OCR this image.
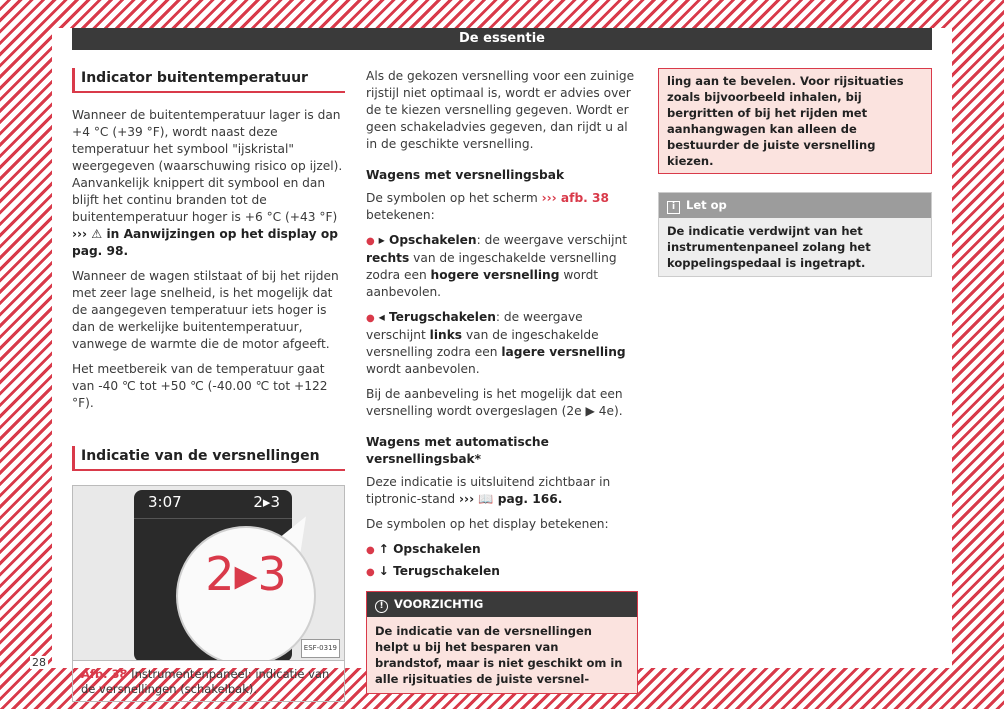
De essentie
Indicator buitentemperatuur

Wanneer de buitentemperatuur lager is dan +4 °C (+39 °F), wordt naast deze temperatuur het symbool "ijskristal" weergegeven (waarschuwing risico op ijzel). Aanvankelijk knippert dit symbool en dan blijft het continu branden tot de buitentemperatuur hoger is +6 °C (+43 °F) ››› ⚠ in Aanwijzingen op het display op pag. 98.

Wanneer de wagen stilstaat of bij het rijden met zeer lage snelheid, is het mogelijk dat de aangegeven temperatuur iets hoger is dan de werkelijke buitentemperatuur, vanwege de warmte die de motor afgeeft.

Het meetbereik van de temperatuur gaat van -40 ℃ tot +50 ℃ (-40.00 ℃ tot +122 °F).

Indicatie van de versnellingen
3:07	2▸3
2▸3
ESF-0319
Afb. 38 Instrumentenpaneel: indicatie van de versnellingen (schakelbak).

Als de gekozen versnelling voor een zuinige rijstijl niet optimaal is, wordt er advies over de te kiezen versnelling gegeven. Wordt er geen schakeladvies gegeven, dan rijdt u al in de geschikte versnelling.

Wagens met versnellingsbak

De symbolen op het scherm ››› afb. 38 betekenen:

● ▸ Opschakelen: de weergave verschijnt rechts van de ingeschakelde versnelling zodra een hogere versnelling wordt aanbevolen.

● ◂ Terugschakelen: de weergave verschijnt links van de ingeschakelde versnelling zodra een lagere versnelling wordt aanbevolen.

Bij de aanbeveling is het mogelijk dat een versnelling wordt overgeslagen (2e ▶ 4e).

Wagens met automatische versnellingsbak*

Deze indicatie is uitsluitend zichtbaar in tiptronic-stand ››› 📖 pag. 166.

De symbolen op het display betekenen:

● ↑ Opschakelen

● ↓ Terugschakelen

! VOORZICHTIG
De indicatie van de versnellingen helpt u bij het besparen van brandstof, maar is niet geschikt om in alle rijsituaties de juiste versnel-
ling aan te bevelen. Voor rijsituaties zoals bijvoorbeeld inhalen, bij bergritten of bij het rijden met aanhangwagen kan alleen de bestuurder de juiste versnelling kiezen.
i Let op
De indicatie verdwijnt van het instrumentenpaneel zolang het koppelingspedaal is ingetrapt.
28
